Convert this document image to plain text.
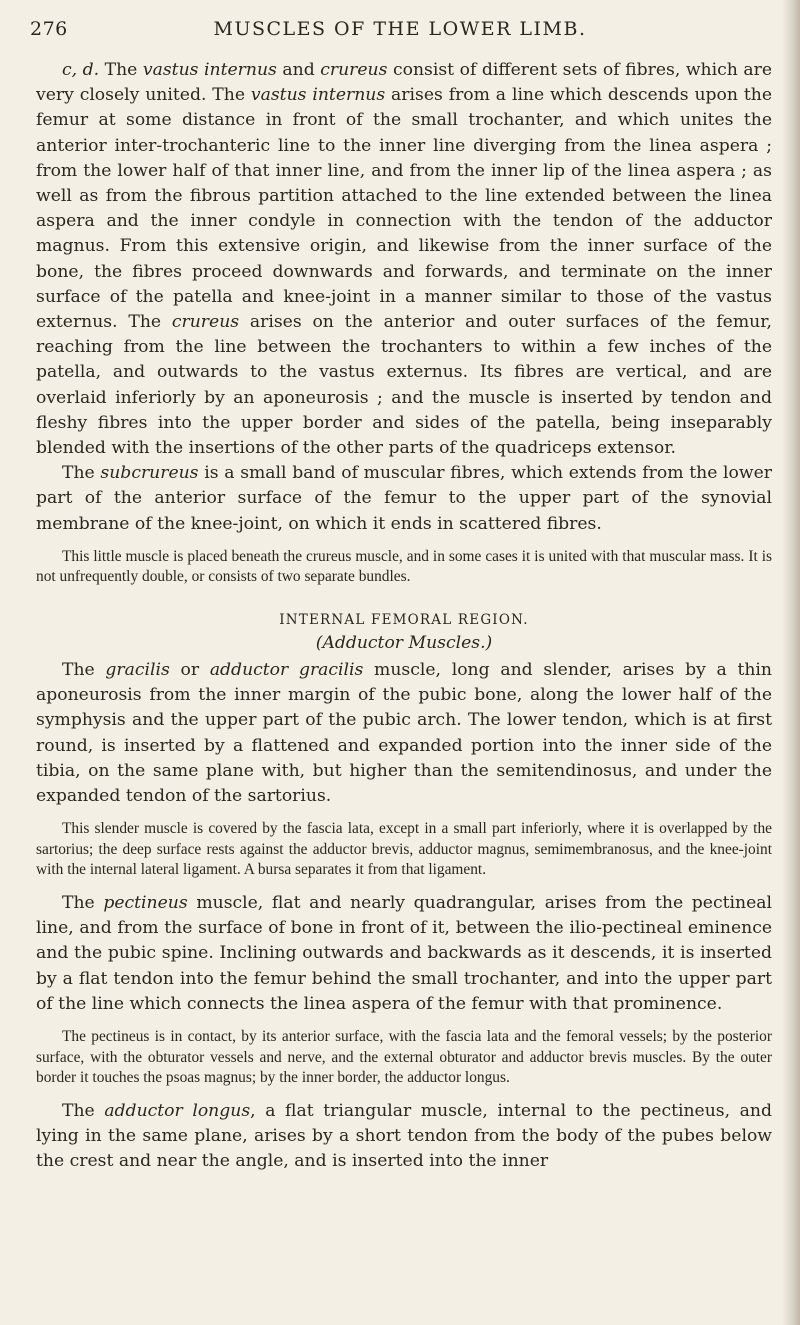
276	MUSCLES OF THE LOWER LIMB.

c, d. The vastus internus and crureus consist of different sets of fibres, which are very closely united. The vastus internus arises from a line which descends upon the femur at some distance in front of the small trochanter, and which unites the anterior inter-trochanteric line to the inner line diverging from the linea aspera ; from the lower half of that inner line, and from the inner lip of the linea aspera ; as well as from the fibrous partition attached to the line extended between the linea aspera and the inner condyle in connection with the tendon of the adductor magnus. From this extensive origin, and likewise from the inner surface of the bone, the fibres proceed downwards and forwards, and terminate on the inner surface of the patella and knee-joint in a manner similar to those of the vastus externus. The crureus arises on the anterior and outer surfaces of the femur, reaching from the line between the trochanters to within a few inches of the patella, and outwards to the vastus externus. Its fibres are vertical, and are overlaid inferiorly by an aponeurosis ; and the muscle is inserted by tendon and fleshy fibres into the upper border and sides of the patella, being inseparably blended with the insertions of the other parts of the quadriceps extensor.

The subcrureus is a small band of muscular fibres, which extends from the lower part of the anterior surface of the femur to the upper part of the synovial membrane of the knee-joint, on which it ends in scattered fibres.

This little muscle is placed beneath the crureus muscle, and in some cases it is united with that muscular mass. It is not unfrequently double, or consists of two separate bundles.

INTERNAL FEMORAL REGION.
(Adductor Muscles.)

The gracilis or adductor gracilis muscle, long and slender, arises by a thin aponeurosis from the inner margin of the pubic bone, along the lower half of the symphysis and the upper part of the pubic arch. The lower tendon, which is at first round, is inserted by a flattened and expanded portion into the inner side of the tibia, on the same plane with, but higher than the semitendinosus, and under the expanded tendon of the sartorius.

This slender muscle is covered by the fascia lata, except in a small part inferiorly, where it is overlapped by the sartorius; the deep surface rests against the adductor brevis, adductor magnus, semimembranosus, and the knee-joint with the internal lateral ligament. A bursa separates it from that ligament.

The pectineus muscle, flat and nearly quadrangular, arises from the pectineal line, and from the surface of bone in front of it, between the ilio-pectineal eminence and the pubic spine. Inclining outwards and backwards as it descends, it is inserted by a flat tendon into the femur behind the small trochanter, and into the upper part of the line which connects the linea aspera of the femur with that prominence.

The pectineus is in contact, by its anterior surface, with the fascia lata and the femoral vessels; by the posterior surface, with the obturator vessels and nerve, and the external obturator and adductor brevis muscles. By the outer border it touches the psoas magnus; by the inner border, the adductor longus.

The adductor longus, a flat triangular muscle, internal to the pectineus, and lying in the same plane, arises by a short tendon from the body of the pubes below the crest and near the angle, and is inserted into the inner
